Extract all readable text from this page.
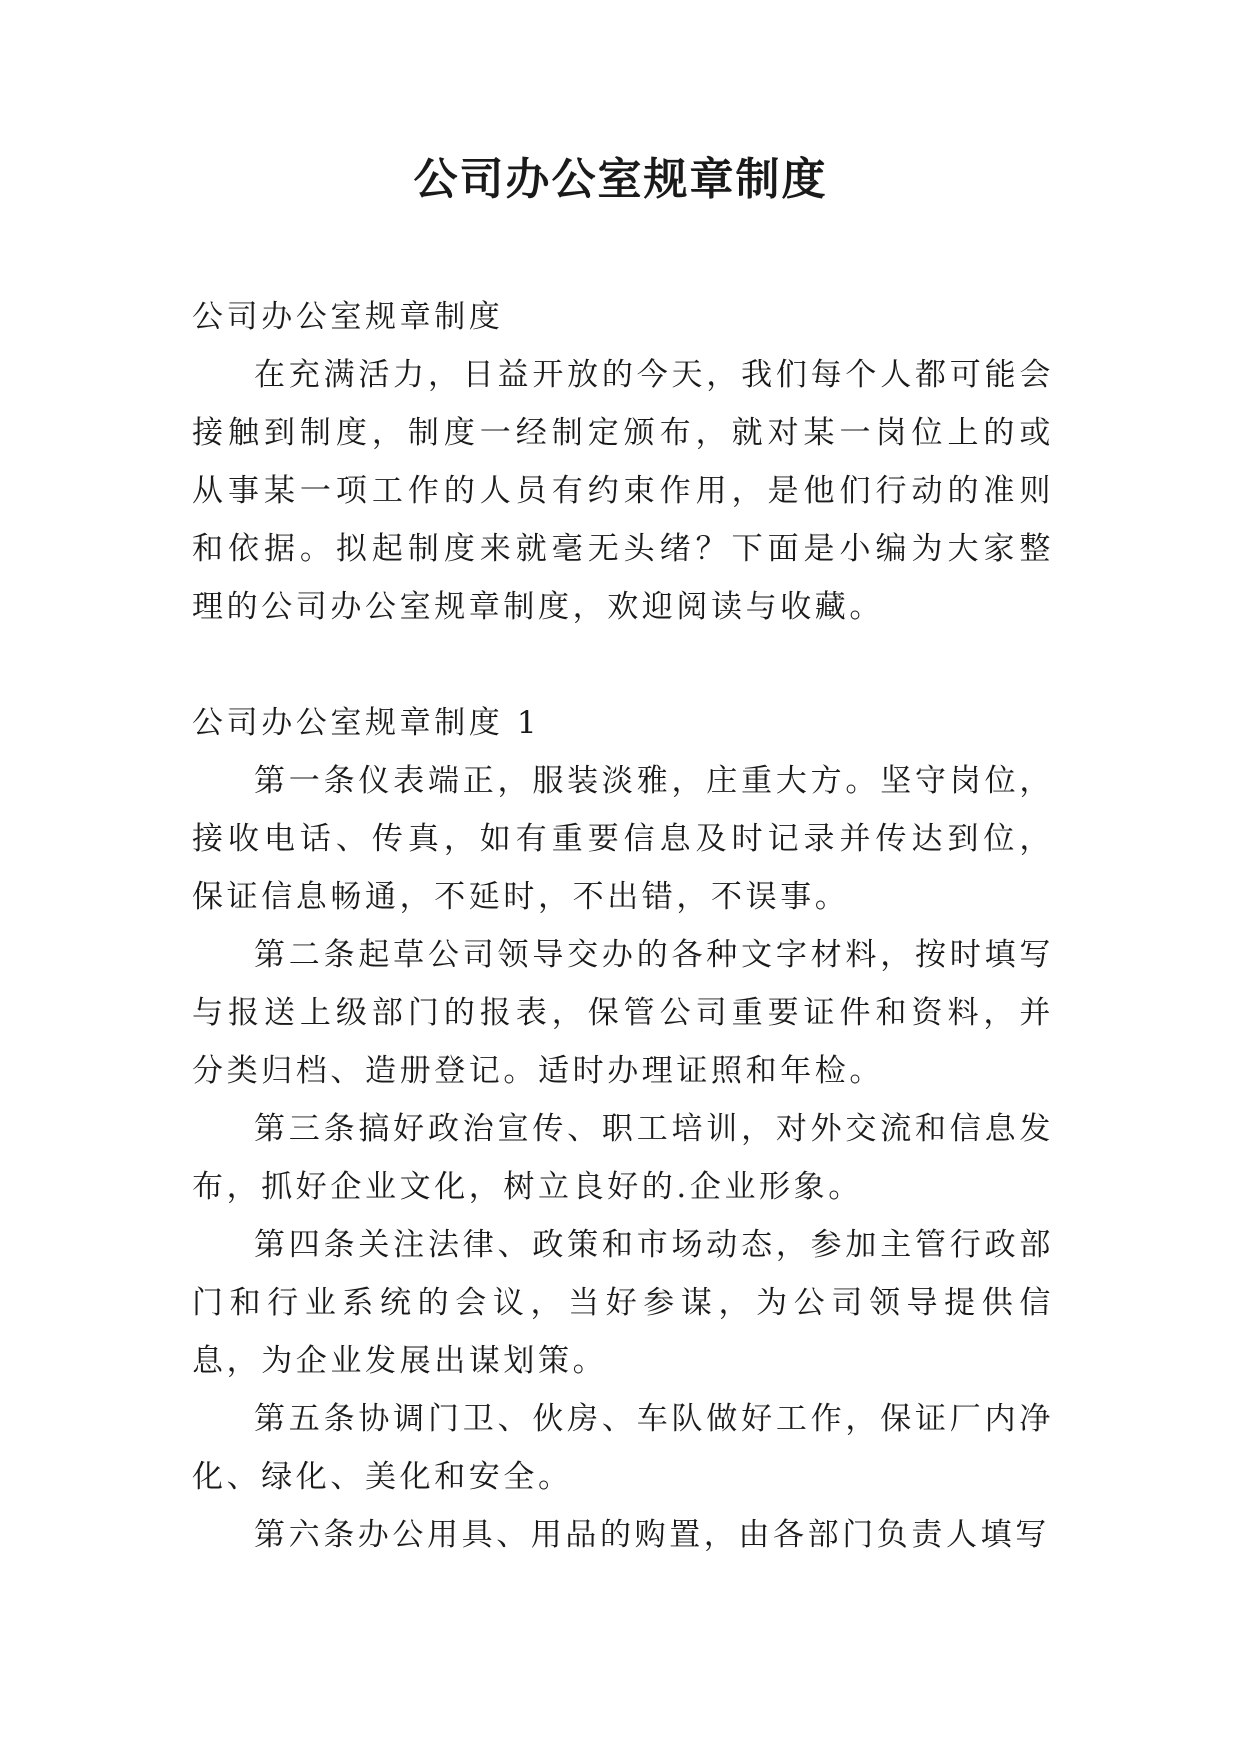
公司办公室规章制度

公司办公室规章制度

在充满活力，日益开放的今天，我们每个人都可能会接触到制度，制度一经制定颁布，就对某一岗位上的或从事某一项工作的人员有约束作用，是他们行动的准则和依据。拟起制度来就毫无头绪？下面是小编为大家整理的公司办公室规章制度，欢迎阅读与收藏。

公司办公室规章制度 1

第一条仪表端正，服装淡雅，庄重大方。坚守岗位，接收电话、传真，如有重要信息及时记录并传达到位，保证信息畅通，不延时，不出错，不误事。

第二条起草公司领导交办的各种文字材料，按时填写与报送上级部门的报表，保管公司重要证件和资料，并分类归档、造册登记。适时办理证照和年检。

第三条搞好政治宣传、职工培训，对外交流和信息发布，抓好企业文化，树立良好的.企业形象。

第四条关注法律、政策和市场动态，参加主管行政部门和行业系统的会议，当好参谋，为公司领导提供信息，为企业发展出谋划策。

第五条协调门卫、伙房、车队做好工作，保证厂内净化、绿化、美化和安全。

第六条办公用具、用品的购置，由各部门负责人填写
